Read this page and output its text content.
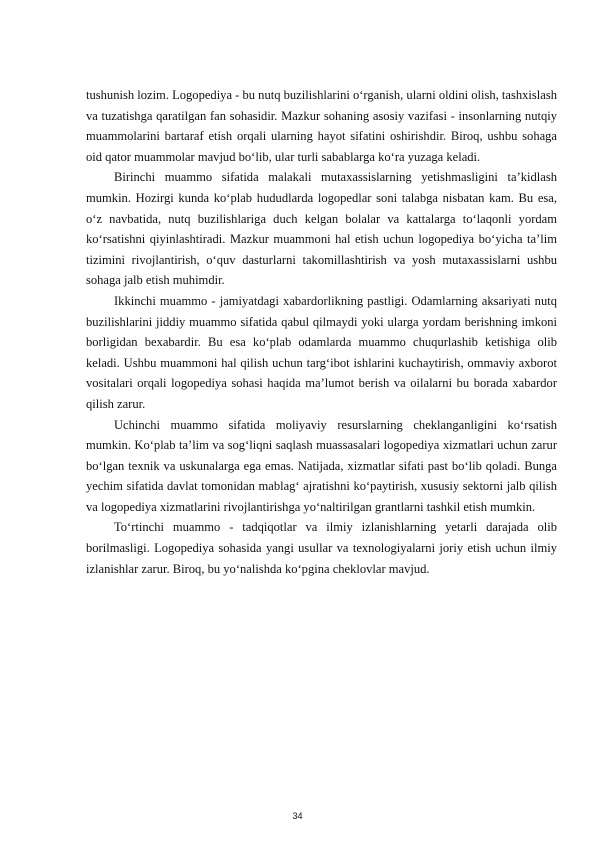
tushunish lozim. Logopediya - bu nutq buzilishlarini o‘rganish, ularni oldini olish, tashxislash va tuzatishga qaratilgan fan sohasidir. Mazkur sohaning asosiy vazifasi - insonlarning nutqiy muammolarini bartaraf etish orqali ularning hayot sifatini oshirishdir. Biroq, ushbu sohaga oid qator muammolar mavjud bo‘lib, ular turli sabablarga ko‘ra yuzaga keladi.

Birinchi muammo sifatida malakali mutaxassislarning yetishmasligini ta’kidlash mumkin. Hozirgi kunda ko‘plab hududlarda logopedlar soni talabga nisbatan kam. Bu esa, o‘z navbatida, nutq buzilishlariga duch kelgan bolalar va kattalarga to‘laqonli yordam ko‘rsatishni qiyinlashtiradi. Mazkur muammoni hal etish uchun logopediya bo‘yicha ta’lim tizimini rivojlantirish, o‘quv dasturlarni takomillashtirish va yosh mutaxassislarni ushbu sohaga jalb etish muhimdir.

Ikkinchi muammo - jamiyatdagi xabardorlikning pastligi. Odamlarning aksariyati nutq buzilishlarini jiddiy muammo sifatida qabul qilmaydi yoki ularga yordam berishning imkoni borligidan bexabardir. Bu esa ko‘plab odamlarda muammo chuqurlashib ketishiga olib keladi. Ushbu muammoni hal qilish uchun targ‘ibot ishlarini kuchaytirish, ommaviy axborot vositalari orqali logopediya sohasi haqida ma’lumot berish va oilalarni bu borada xabardor qilish zarur.

Uchinchi muammo sifatida moliyaviy resurslarning cheklanganligini ko‘rsatish mumkin. Ko‘plab ta’lim va sog‘liqni saqlash muassasalari logopediya xizmatlari uchun zarur bo‘lgan texnik va uskunalarga ega emas. Natijada, xizmatlar sifati past bo‘lib qoladi. Bunga yechim sifatida davlat tomonidan mablag‘ ajratishni ko‘paytirish, xususiy sektorni jalb qilish va logopediya xizmatlarini rivojlantirishga yo‘naltirilgan grantlarni tashkil etish mumkin.

To‘rtinchi muammo - tadqiqotlar va ilmiy izlanishlarning yetarli darajada olib borilmasligi. Logopediya sohasida yangi usullar va texnologiyalarni joriy etish uchun ilmiy izlanishlar zarur. Biroq, bu yo‘nalishda ko‘pgina cheklovlar mavjud.

34
